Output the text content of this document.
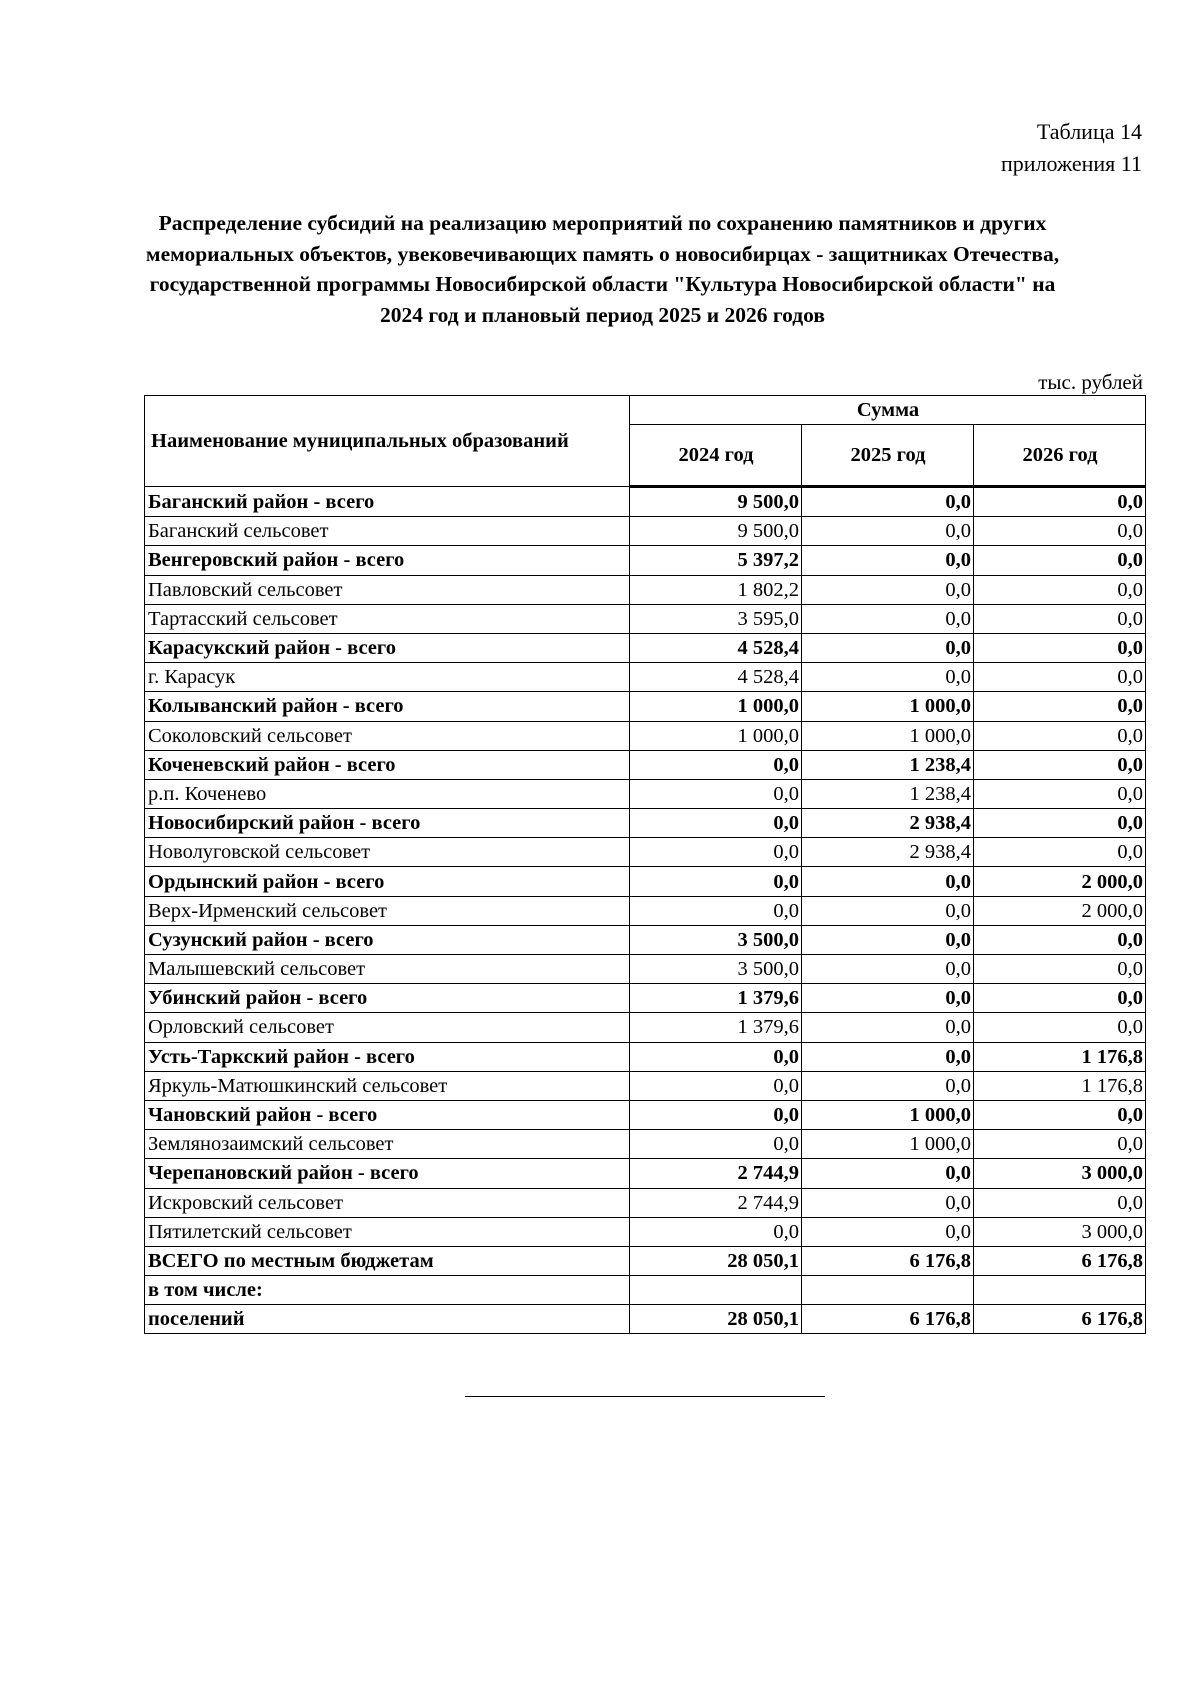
Таблица 14
приложения 11
Распределение субсидий на реализацию мероприятий по сохранению памятников и других
мемориальных объектов, увековечивающих память о новосибирцах - защитниках Отечества,
государственной программы Новосибирской области "Культура Новосибирской области" на
2024 год и плановый период 2025 и 2026 годов
тыс. рублей
Наименование муниципальных образований	Сумма		
	2024 год	2025 год	2026 год
Баганский район - всего	9 500,0	0,0	0,0
Баганский сельсовет	9 500,0	0,0	0,0
Венгеровский район - всего	5 397,2	0,0	0,0
Павловский сельсовет	1 802,2	0,0	0,0
Тартасский сельсовет	3 595,0	0,0	0,0
Карасукский район - всего	4 528,4	0,0	0,0
г. Карасук	4 528,4	0,0	0,0
Колыванский район - всего	1 000,0	1 000,0	0,0
Соколовский сельсовет	1 000,0	1 000,0	0,0
Коченевский район - всего	0,0	1 238,4	0,0
р.п. Коченево	0,0	1 238,4	0,0
Новосибирский район - всего	0,0	2 938,4	0,0
Новолуговской сельсовет	0,0	2 938,4	0,0
Ордынский район - всего	0,0	0,0	2 000,0
Верх-Ирменский сельсовет	0,0	0,0	2 000,0
Сузунский район - всего	3 500,0	0,0	0,0
Малышевский сельсовет	3 500,0	0,0	0,0
Убинский район - всего	1 379,6	0,0	0,0
Орловский сельсовет	1 379,6	0,0	0,0
Усть-Таркский район - всего	0,0	0,0	1 176,8
Яркуль-Матюшкинский сельсовет	0,0	0,0	1 176,8
Чановский район - всего	0,0	1 000,0	0,0
Землянозаимский сельсовет	0,0	1 000,0	0,0
Черепановский район - всего	2 744,9	0,0	3 000,0
Искровский сельсовет	2 744,9	0,0	0,0
Пятилетский сельсовет	0,0	0,0	3 000,0
ВСЕГО по местным бюджетам	28 050,1	6 176,8	6 176,8
в том числе:			
поселений	28 050,1	6 176,8	6 176,8
